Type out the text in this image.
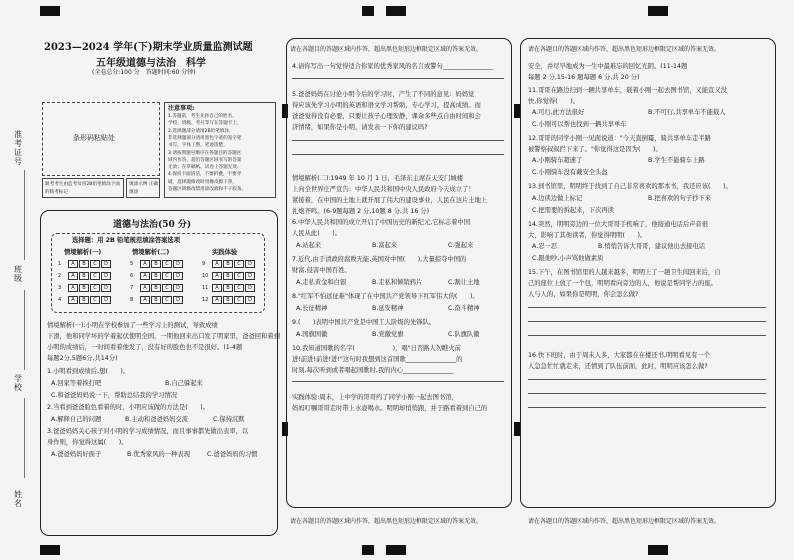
准考证号
班级
学校
姓名
2023—2024 学年(下)期末学业质量监测试题
五年级道德与法治　科学
(全卷总分:100 分　答题时间:60 分钟)
条形码粘贴处
缺考考生由监考员用2B铅笔填涂下面的缺考标记
填涂示例 正确填涂
注意事项:
1.答题前，考生先将自己的姓名、
学校、班级、考号等写在答题卡上，
2.选择题部分请用2B铅笔填涂，
非选择题部分请用黑色字迹的签字笔
书写，字体工整，笔迹清楚。
3.请按照题号顺序在各题目的答题区
域内作答，超出答题区域书写的答案
无效；在草稿纸、试卷上答题无效。
4.保持卡面清洁，不要折叠，不要弄
破，选择题修改时用橡皮擦干净，
答题区域修改禁用涂改液和不干胶条。
道德与法治(50 分)
选择题：用 2B 铅笔规范填涂答案选项
情境解析(一)	情境解析(二)	实践体验
1 A B C D	5 A B C D	9 A B C D
2 A B C D	6 A B C D	10 A B C D
3 A B C D	7 A B C D	11 A B C D
4 A B C D	8 A B C D	12 A B C D
情境解析(一):小明在学校参加了一些学习上的测试，导致成绩
下滑，他和同学坏的学着起伏使明全国，一期他回来出口发了明家里，爸爸回和着到
小明的成绩后，一时间看着他发了，没有好的脸色也不是很好。(1-4题
每题2分,5题6分,共14分)
1.小明看到成绩后,想(　　)。
A.回家等着挨打吧	B.自己躲起来
C.和爸爸妈妈说一下，帮助总结我的学习情况
2.当看到爸爸脸色看着的时，小明应该做的方法是(　　)。
A.解释自己的问题	B.主动和爸爸妈妈交流	C.保持沉默
3.爸爸妈妈关心孩子对小明的学习成绩情况，而且事事都先做出表率，以
身作则，你觉得这属(　　)。
A.爸爸妈妈好面子	B.优秀家风的一种表现	C.爸爸妈妈的习惯
请在各题目的答题区域内作答，超出黑色矩形边框限定区域的答案无效。
4.请你写出一句觉得适合你家的优秀家风的名言或警句________________
5.爸爸妈妈在讨论小明今后的学习时，产生了不同的意见：妈妈觉
得应该先学习小明的英语和语文学习帮助，专心学习，提高成绩。而
爸爸觉得没有必要，只要让孩子心理安静，课余多些点自由时间和会
济情绪，如果你是小明，请发表一下你的建议吗?
情境解析(二):1949 年 10 月 1 日，毛泽东主席在天安门城楼
上向全世界庄严宣告：中华人民共和国中央人民政府今天成立了！
紧接着，在中国的土地上就开展了伟大的建设事业，人民在这片土地上
礼炮齐鸣。(6-9题每题 2 分,10题 8 分,共 16 分)
6.中华人民共和国的成立开启了中国历史的新纪元,它标志着中国
人民从此(　　)。
A.站起来	B.富起来	C.强起来
7.近代,由于清政府腐败无能,英国对中国(　　),大量掠夺中国的
财富,侵害中国百姓。
A.走私黄金和白银	B.走私和倾销鸦片	C.割让土地
8."红军不怕远征难"体现了在中国共产党领导下红军伟大的(　　)。
A.长征精神	B.延安精神	C.奋斗精神
9.(　　)表明中国共产党是中国工人阶级的先锋队。
A.国旗国徽	B.党徽党旗	C.队旗队徽
10.我知道国歌的名字(　　　　　　)，唱"日否路人勿瞧火前
进!前进!前进!进!"这句时我想到这首国歌________________的
时刻,每次听到或者唱起国歌时,我的内心________________
实践体验:周末，上中学的哥哥约了同学小刚一起去图书馆，
妈妈叮嘱哥哥走时带上水壶喝水。明明却悄悄跟，并于路看着到自己的
请在各题目的答题区域内作答，超出黑色矩形边框限定区域的答案无效。
请在各题目的答题区域内作答，超出黑色矩形边框限定区域的答案无效。
安全，并尽早地成为一生中最难忘的回忆光阴。(11-14题
每题 2 分,15-16 题每题 6 分,共 20 分)
11.哥哥在路边扫到一辆共享单车，载着小刚一起去图书馆，又能宣又没
快,你觉得(　　)。
A.可行,此方法很好	B.不可行,共享单车不能载人
C.小刚可以帮也找到一辆共享单车
12.哥哥的同学小刚一见面说道："今天直倒霉，骑共享单车走半路
被警察叔叔拦下来了。"你觉得这是因为(　　)。
A.小刚骑车超速了	B.学生不能骑车上路
C.小刚骑车没有戴安全头盔
13.到书馆里，明明终于找到了自己非常喜欢的那本书，我还应该(　　)。
A.边读边做上标记	B.把喜欢的句子抄下来
C.把需要的拆起来，下次再读
14.突然，明明旁边的一位大哥哥手机响了，他接通电话后声音很
大，影响了其他读者，你觉得明明(　　)。
A.忍一忍	B.悄悄告诉大哥哥，建议他出去接电话
C.跟他吵,小声骂他做素质
15.下午，在图书馆里的人越来越多，明明上了一趟卫生间回来后，自
己的座位上放了一个包，明明看向旁边的人，他说是帮同学占的座。
人与人的，如果你是明明，你会怎么做?
16.快下班时，由于周末人多，大家都在在楼还书,明明看见有一个
人急急忙忙就走来，还情到了队伍前面，此时，明明应该怎么做?
请在各题目的答题区域内作答，超出黑色矩形边框限定区域的答案无效。
